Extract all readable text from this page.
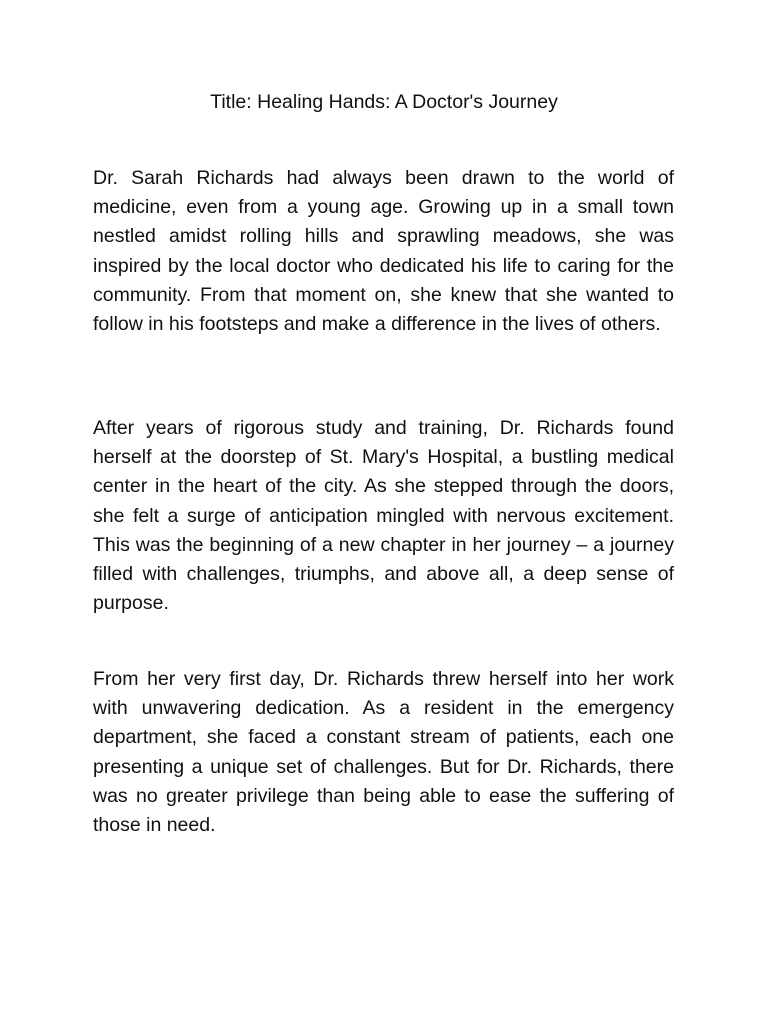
Title: Healing Hands: A Doctor's Journey

Dr. Sarah Richards had always been drawn to the world of medicine, even from a young age. Growing up in a small town nestled amidst rolling hills and sprawling meadows, she was inspired by the local doctor who dedicated his life to caring for the community. From that moment on, she knew that she wanted to follow in his footsteps and make a difference in the lives of others.

After years of rigorous study and training, Dr. Richards found herself at the doorstep of St. Mary's Hospital, a bustling medical center in the heart of the city. As she stepped through the doors, she felt a surge of anticipation mingled with nervous excitement. This was the beginning of a new chapter in her journey – a journey filled with challenges, triumphs, and above all, a deep sense of purpose.

From her very first day, Dr. Richards threw herself into her work with unwavering dedication. As a resident in the emergency department, she faced a constant stream of patients, each one presenting a unique set of challenges. But for Dr. Richards, there was no greater privilege than being able to ease the suffering of those in need.
